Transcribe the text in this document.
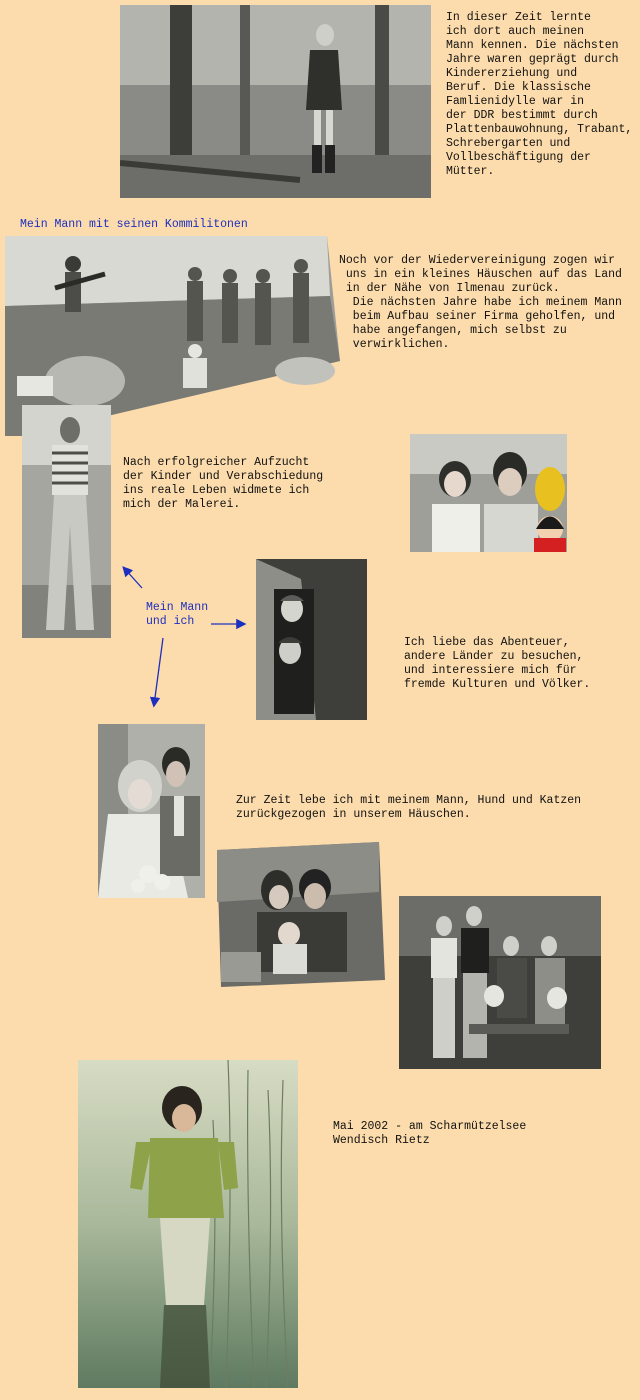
In dieser Zeit lernte
ich dort auch meinen
Mann kennen. Die nächsten
Jahre waren geprägt durch
Kindererziehung und
Beruf. Die klassische
Famlienidylle war in
der DDR bestimmt durch
Plattenbauwohnung, Trabant,
Schrebergarten und
Vollbeschäftigung der
Mütter.
Mein Mann mit seinen Kommilitonen
Noch vor der Wiedervereinigung zogen wir
uns in ein kleines Häuschen auf das Land
in der Nähe von Ilmenau zurück.
Die nächsten Jahre habe ich meinem Mann
beim Aufbau seiner Firma geholfen, und
habe angefangen, mich selbst zu
verwirklichen.
Nach erfolgreicher Aufzucht
der Kinder und Verabschiedung
ins reale Leben widmete ich
mich der Malerei.
Mein Mann
und ich
Ich liebe das Abenteuer,
andere Länder zu besuchen,
und interessiere mich für
fremde Kulturen und Völker.
Zur Zeit lebe ich mit meinem Mann, Hund und Katzen
zurückgezogen in unserem Häuschen.
Mai 2002 - am Scharmützelsee
Wendisch Rietz
